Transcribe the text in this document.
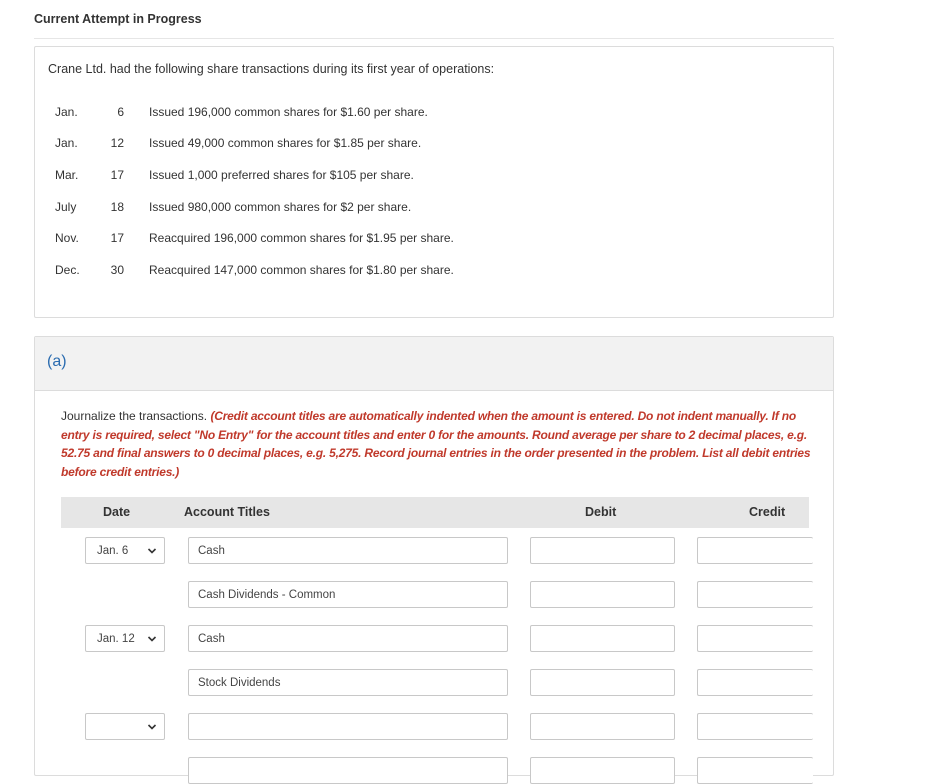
Current Attempt in Progress
Crane Ltd. had the following share transactions during its first year of operations:
Jan.	6 Issued 196,000 common shares for $1.60 per share.
Jan.	12 Issued 49,000 common shares for $1.85 per share.
Mar.	17 Issued 1,000 preferred shares for $105 per share.
July	18 Issued 980,000 common shares for $2 per share.
Nov.	17 Reacquired 196,000 common shares for $1.95 per share.
Dec.	30 Reacquired 147,000 common shares for $1.80 per share.
(a)
Journalize the transactions. (Credit account titles are automatically indented when the amount is entered. Do not indent manually. If no entry is required, select "No Entry" for the account titles and enter 0 for the amounts. Round average per share to 2 decimal places, e.g. 52.75 and final answers to 0 decimal places, e.g. 5,275. Record journal entries in the order presented in the problem. List all debit entries before credit entries.)
Date	Account Titles	Debit	Credit
Jan. 6	Cash
Cash Dividends - Common
Jan. 12	Cash
Stock Dividends
